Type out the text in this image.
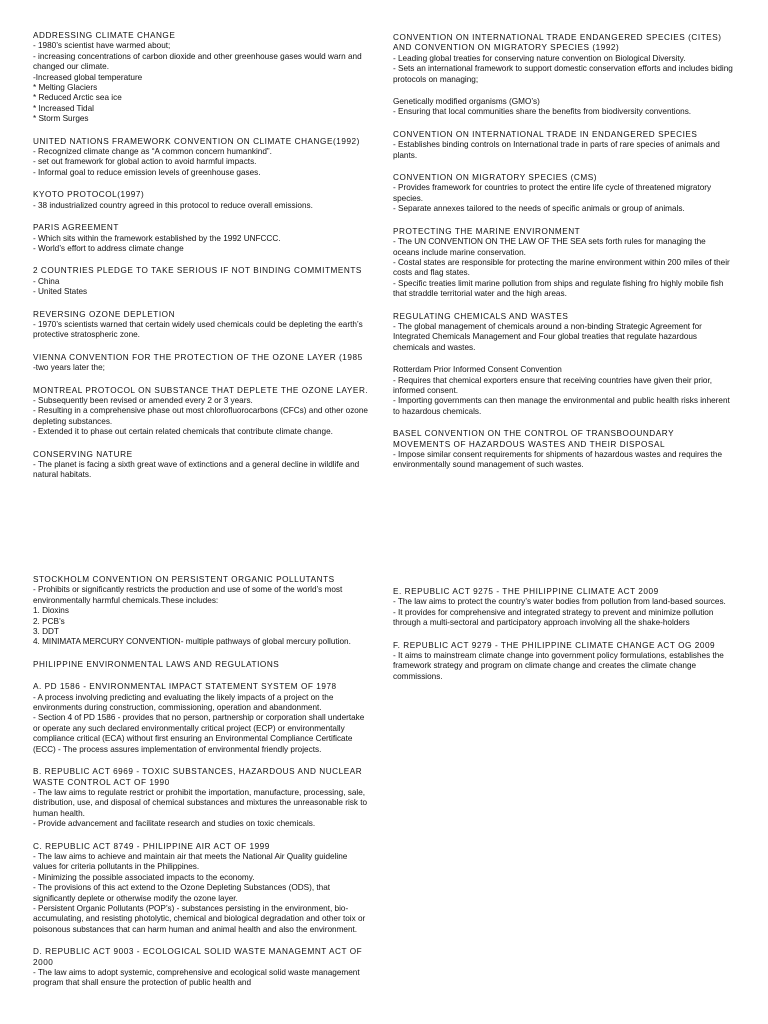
ADDRESSING CLIMATE CHANGE
- 1980’s scientist have warmed about;
- increasing concentrations of carbon dioxide and other greenhouse gases would warn and changed our climate.
-Increased global temperature
* Melting Glaciers
* Reduced Arctic sea ice
* Increased Tidal
* Storm Surges
UNITED NATIONS FRAMEWORK CONVENTION ON CLIMATE CHANGE(1992)
- Recognized climate change as “A common concern humankind”.
- set out framework for global action to avoid harmful impacts.
- Informal goal to reduce emission levels of greenhouse gases.
KYOTO PROTOCOL(1997)
- 38 industrialized country agreed in this protocol to reduce overall emissions.
PARIS AGREEMENT
- Which sits within the framework established by the 1992 UNFCCC.
- World’s effort to address climate change
2 COUNTRIES PLEDGE TO TAKE SERIOUS IF NOT BINDING COMMITMENTS
- China
- United States
REVERSING OZONE DEPLETION
- 1970’s scientists warned that certain widely used chemicals could be depleting the earth’s protective stratospheric zone.
VIENNA CONVENTION FOR THE PROTECTION OF THE OZONE LAYER (1985
-two years later the;
MONTREAL PROTOCOL ON SUBSTANCE THAT DEPLETE THE OZONE LAYER.
- Subsequently been revised or amended every 2 or 3 years.
- Resulting in a comprehensive phase out most chlorofluorocarbons (CFCs) and other ozone depleting substances.
- Extended it to phase out certain related chemicals that contribute climate change.
CONSERVING NATURE
- The planet is facing a sixth great wave of extinctions and a general decline in wildlife and natural habitats.
CONVENTION ON INTERNATIONAL TRADE ENDANGERED SPECIES (CITES) AND CONVENTION ON MIGRATORY SPECIES (1992)
- Leading global treaties for conserving nature convention on Biological Diversity.
- Sets an international framework to support domestic conservation efforts and includes biding protocols on managing;
Genetically modified organisms (GMO’s)
- Ensuring that local communities share the benefits from biodiversity conventions.
CONVENTION ON INTERNATIONAL TRADE IN ENDANGERED SPECIES
- Establishes binding controls on International trade in parts of rare species of animals and plants.
CONVENTION ON MIGRATORY SPECIES (CMS)
- Provides framework for countries to protect the entire life cycle of threatened migratory species.
- Separate annexes tailored to the needs of specific animals or group of animals.
PROTECTING THE MARINE ENVIRONMENT
- The UN CONVENTION ON THE LAW OF THE SEA sets forth rules for managing the oceans include marine conservation.
- Costal states are responsible for protecting the marine environment within 200 miles of their costs and flag states.
- Specific treaties limit marine pollution from ships and regulate fishing fro highly mobile fish that straddle territorial water and the high areas.
REGULATING CHEMICALS AND WASTES
- The global management of chemicals around a non-binding Strategic Agreement for Integrated Chemicals Management and Four global treaties that regulate hazardous chemicals and wastes.
Rotterdam Prior Informed Consent Convention
- Requires that chemical exporters ensure that receiving countries have given their prior, informed consent.
- Importing governments can then manage the environmental and public health risks inherent to hazardous chemicals.
BASEL CONVENTION ON THE CONTROL OF TRANSBOOUNDARY MOVEMENTS OF HAZARDOUS WASTES AND THEIR DISPOSAL
- Impose similar consent requirements for shipments of hazardous wastes and requires the environmentally sound management of such wastes.
STOCKHOLM CONVENTION ON PERSISTENT ORGANIC POLLUTANTS
- Prohibits or significantly restricts the production and use of some of the world’s most environmentally harmful chemicals.These includes:
1. Dioxins
2. PCB’s
3. DDT
4. MINIMATA MERCURY CONVENTION- multiple pathways of global mercury pollution.
PHILIPPINE ENVIRONMENTAL LAWS AND REGULATIONS
A. PD 1586 - ENVIRONMENTAL IMPACT STATEMENT SYSTEM OF 1978
- A process involving predicting and evaluating the likely impacts of a project on the environments during construction, commissioning, operation and abandonment.
- Section 4 of PD 1586 - provides that no person, partnership or corporation shall undertake or operate any such declared environmentally critical project (ECP) or environmentally compliance critical (ECA) without first ensuring an Environmental Compliance Certificate (ECC) - The process assures implementation of environmental friendly projects.
B. REPUBLIC ACT 6969 - TOXIC SUBSTANCES, HAZARDOUS AND NUCLEAR WASTE CONTROL ACT OF 1990
- The law aims to regulate restrict or prohibit the importation, manufacture, processing, sale, distribution, use, and disposal of chemical substances and mixtures the unreasonable risk to human health.
- Provide advancement and facilitate research and studies on toxic chemicals.
C. REPUBLIC ACT 8749 - PHILIPPINE AIR ACT OF 1999
- The law aims to achieve and maintain air that meets the National Air Quality guideline values for criteria pollutants in the Philippines.
- Minimizing the possible associated impacts to the economy.
- The provisions of this act extend to the Ozone Depleting Substances (ODS), that significantly deplete or otherwise modify the ozone layer.
- Persistent Organic Pollutants (POP’s) - substances persisting in the environment, bio-accumulating, and resisting photolytic, chemical and biological degradation and other toix or poisonous substances that can harm human and animal health and also the environment.
D. REPUBLIC ACT 9003 - ECOLOGICAL SOLID WASTE MANAGEMNT ACT OF 2000
- The law aims to adopt systemic, comprehensive and ecological solid waste management program that shall ensure the protection of public health and
E. REPUBLIC ACT 9275 - THE PHILIPPINE CLIMATE ACT 2009
- The law aims to protect the country’s water bodies from pollution from land-based sources.
- It provides for comprehensive and integrated strategy to prevent and minimize pollution through a multi-sectoral and participatory approach involving all the shake-holders
F. REPUBLIC ACT 9279 - THE PHILIPPINE CLIMATE CHANGE ACT OG 2009
- It aims to mainstream climate change into government policy formulations, establishes the framework strategy and program on climate change and creates the climate change commissions.
